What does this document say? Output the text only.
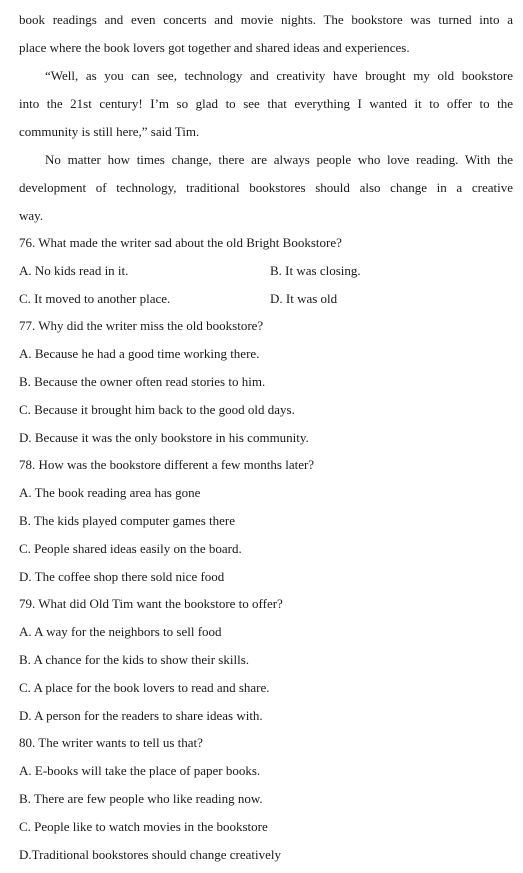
book readings and even concerts and movie nights. The bookstore was turned into a
place where the book lovers got together and shared ideas and experiences.
“Well, as you can see, technology and creativity have brought my old bookstore
into the 21st century! I’m so glad to see that everything I wanted it to offer to the
community is still here,” said Tim.
No matter how times change, there are always people who love reading. With the
development of technology, traditional bookstores should also change in a creative
way.
76. What made the writer sad about the old Bright Bookstore?
A. No kids read in it.	B. It was closing.
C. It moved to another place.	D. It was old
77. Why did the writer miss the old bookstore?
A. Because he had a good time working there.
B. Because the owner often read stories to him.
C. Because it brought him back to the good old days.
D. Because it was the only bookstore in his community.
78. How was the bookstore different a few months later?
A. The book reading area has gone
B. The kids played computer games there
C. People shared ideas easily on the board.
D. The coffee shop there sold nice food
79. What did Old Tim want the bookstore to offer?
A. A way for the neighbors to sell food
B. A chance for the kids to show their skills.
C. A place for the book lovers to read and share.
D. A person for the readers to share ideas with.
80. The writer wants to tell us that?
A. E-books will take the place of paper books.
B. There are few people who like reading now.
C. People like to watch movies in the bookstore
D.Traditional bookstores should change creatively
